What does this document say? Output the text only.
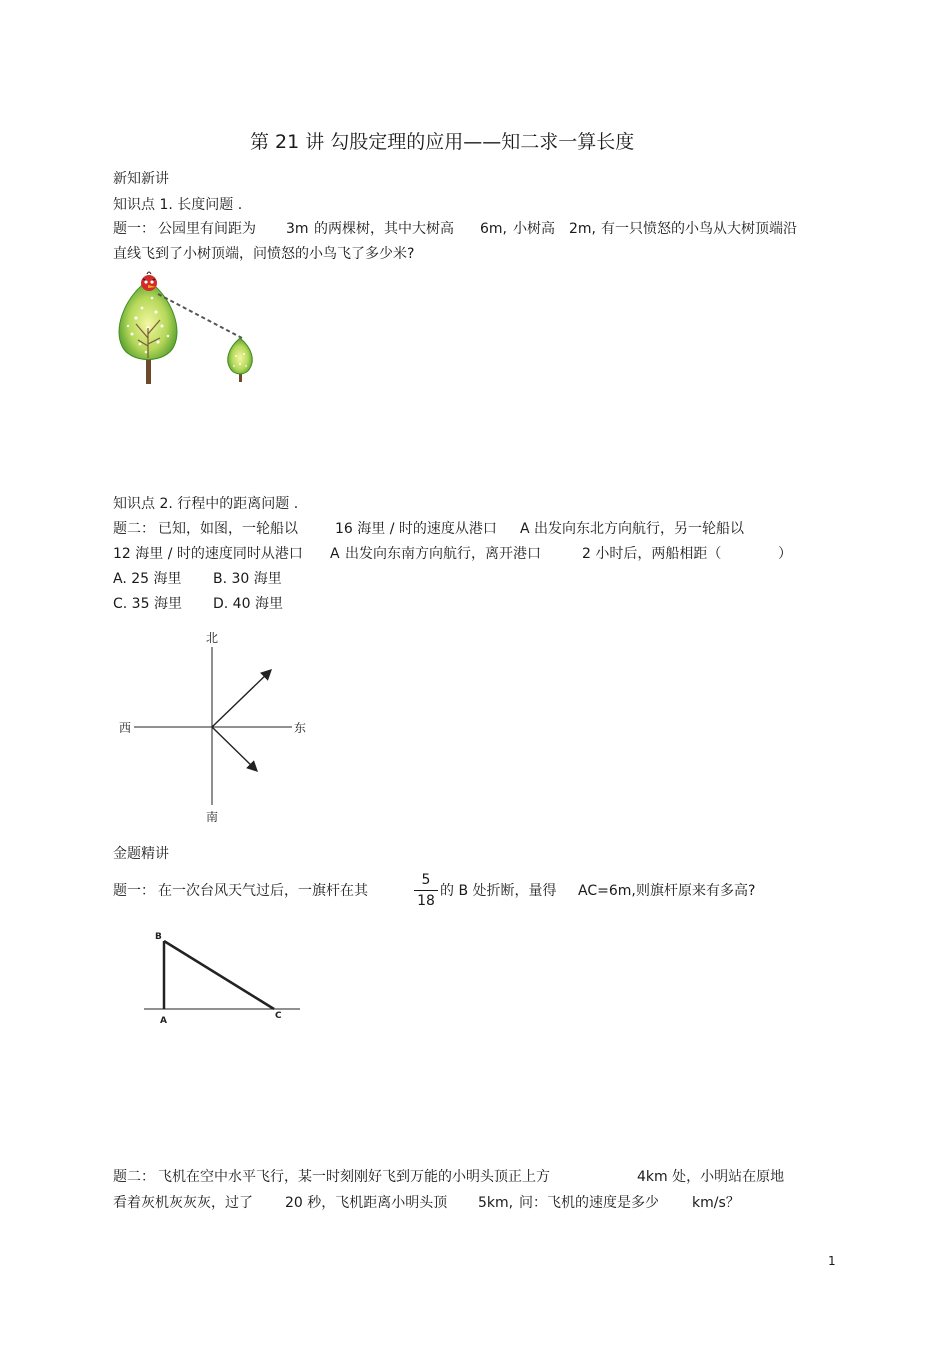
第 21 讲 勾股定理的应用——知二求一算长度
新知新讲
知识点 1. 长度问题 .
题一： 公园里有间距为 3m 的两棵树，其中大树高 6m, 小树高 2m, 有一只愤怒的小鸟从大树顶端沿
直线飞到了小树顶端，问愤怒的小鸟飞了多少米?
知识点 2. 行程中的距离问题 .
题二： 已知，如图，一轮船以	16 海里 / 时的速度从港口 A 出发向东北方向航行，另一轮船以
12 海里 / 时的速度同时从港口 A 出发向东南方向航行，离开港口	2 小时后，两船相距（	）
A. 25 海里 B. 30 海里
C. 35 海里 D. 40 海里
北
南
西	东
金题精讲
题一： 在一次台风天气过后，一旗杆在其
5
18
的 B 处折断，量得 AC=6m, 则旗杆原来有多高?
A
B
C
题二： 飞机在空中水平飞行，某一时刻刚好飞到万能的小明头顶正上方	4km 处，小明站在原地
看着灰机灰灰灰，过了 20 秒，飞机距离小明头顶 5km, 问：飞机的速度是多少 km/s？
1
